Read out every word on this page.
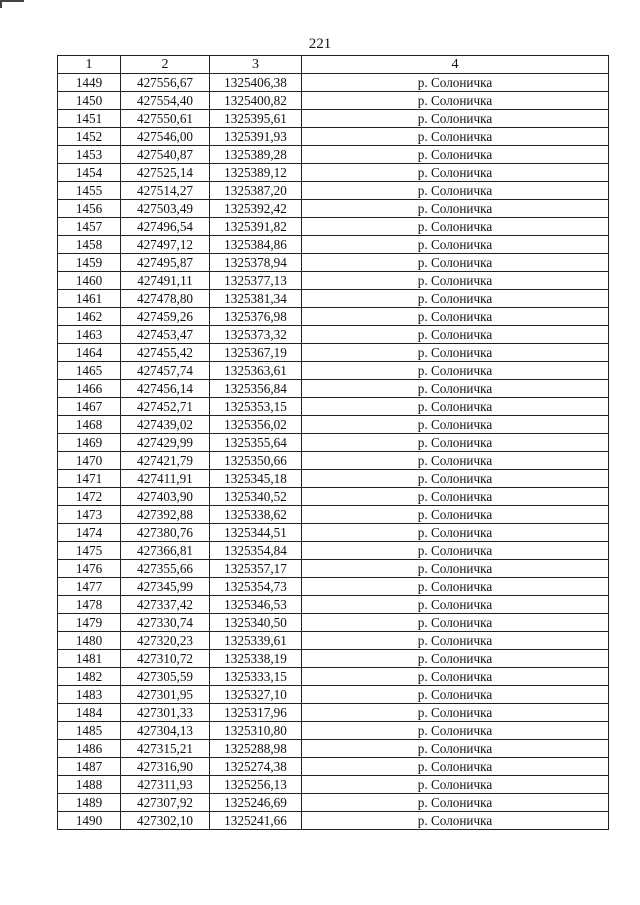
221
1	2	3	4
1449	427556,67	1325406,38	р. Солоничка
1450	427554,40	1325400,82	р. Солоничка
1451	427550,61	1325395,61	р. Солоничка
1452	427546,00	1325391,93	р. Солоничка
1453	427540,87	1325389,28	р. Солоничка
1454	427525,14	1325389,12	р. Солоничка
1455	427514,27	1325387,20	р. Солоничка
1456	427503,49	1325392,42	р. Солоничка
1457	427496,54	1325391,82	р. Солоничка
1458	427497,12	1325384,86	р. Солоничка
1459	427495,87	1325378,94	р. Солоничка
1460	427491,11	1325377,13	р. Солоничка
1461	427478,80	1325381,34	р. Солоничка
1462	427459,26	1325376,98	р. Солоничка
1463	427453,47	1325373,32	р. Солоничка
1464	427455,42	1325367,19	р. Солоничка
1465	427457,74	1325363,61	р. Солоничка
1466	427456,14	1325356,84	р. Солоничка
1467	427452,71	1325353,15	р. Солоничка
1468	427439,02	1325356,02	р. Солоничка
1469	427429,99	1325355,64	р. Солоничка
1470	427421,79	1325350,66	р. Солоничка
1471	427411,91	1325345,18	р. Солоничка
1472	427403,90	1325340,52	р. Солоничка
1473	427392,88	1325338,62	р. Солоничка
1474	427380,76	1325344,51	р. Солоничка
1475	427366,81	1325354,84	р. Солоничка
1476	427355,66	1325357,17	р. Солоничка
1477	427345,99	1325354,73	р. Солоничка
1478	427337,42	1325346,53	р. Солоничка
1479	427330,74	1325340,50	р. Солоничка
1480	427320,23	1325339,61	р. Солоничка
1481	427310,72	1325338,19	р. Солоничка
1482	427305,59	1325333,15	р. Солоничка
1483	427301,95	1325327,10	р. Солоничка
1484	427301,33	1325317,96	р. Солоничка
1485	427304,13	1325310,80	р. Солоничка
1486	427315,21	1325288,98	р. Солоничка
1487	427316,90	1325274,38	р. Солоничка
1488	427311,93	1325256,13	р. Солоничка
1489	427307,92	1325246,69	р. Солоничка
1490	427302,10	1325241,66	р. Солоничка
